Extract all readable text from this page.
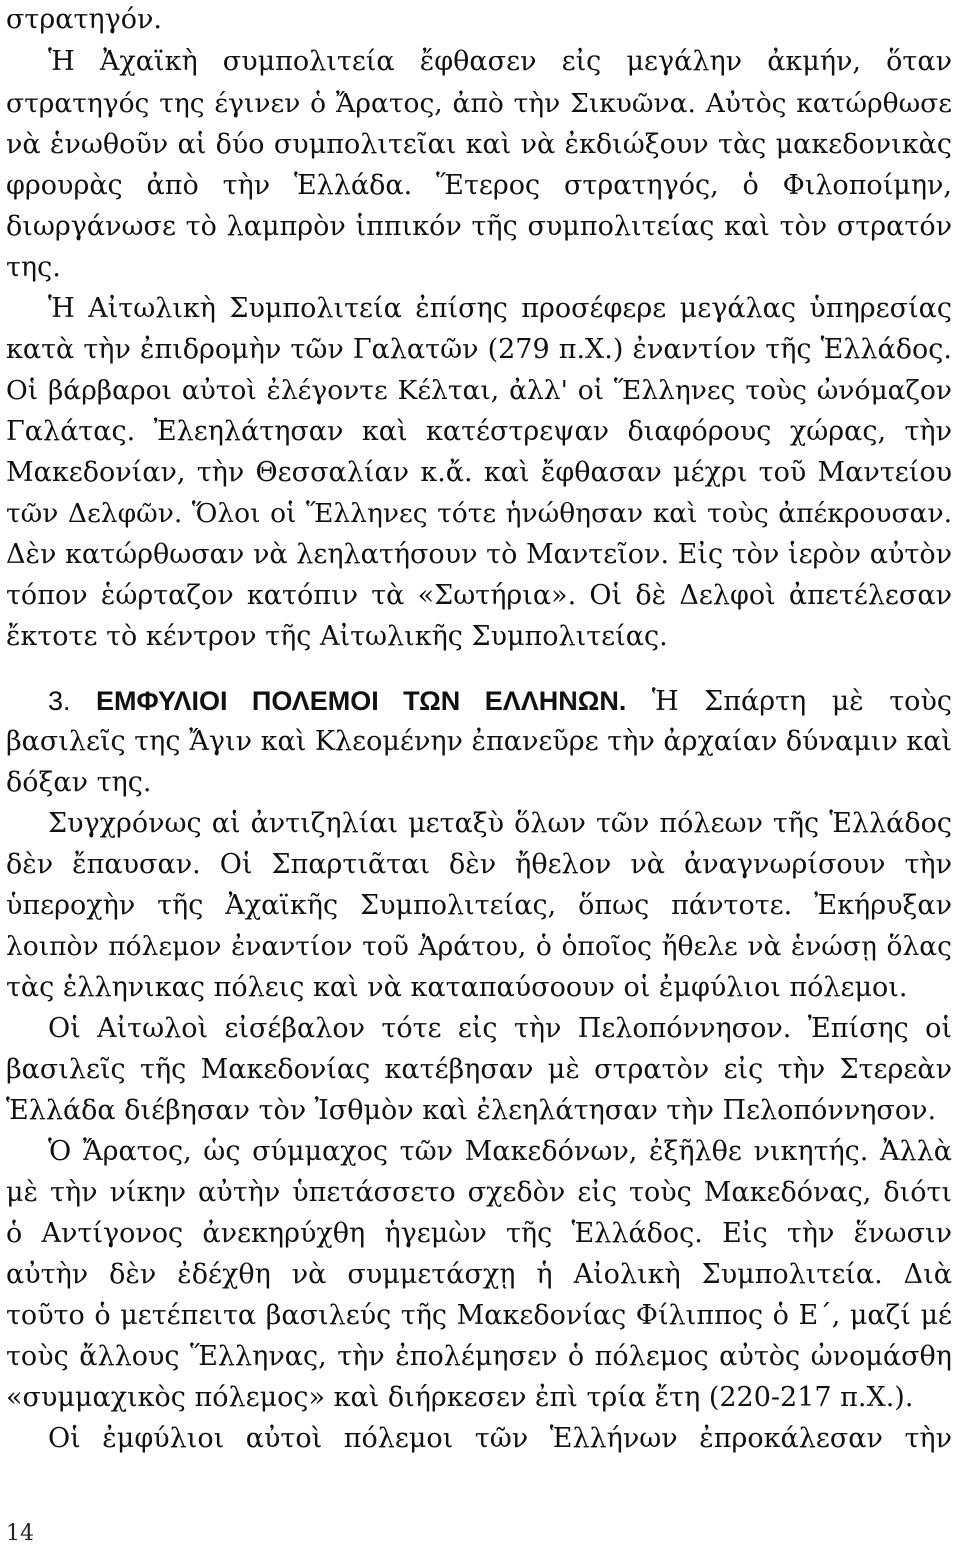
στρατηγόν.
Ἡ Ἀχαϊκὴ συμπολιτεία ἔφθασεν εἰς μεγάλην ἀκμήν, ὅταν
στρατηγός της έγινεν ὁ Ἄρατος, ἀπὸ τὴν Σικυῶνα. Αὐτὸς κατώρθωσε
νὰ ἑνωθοῦν αἱ δύο συμπολιτεῖαι καὶ νὰ ἐκδιώξουν τὰς μακεδονικὰς
φρουρὰς ἀπὸ τὴν Ἑλλάδα. Ἕτερος στρατηγός, ὁ Φιλοποίμην,
διωργάνωσε τὸ λαμπρὸν ἱππικόν τῆς συμπολιτείας καὶ τὸν στρατόν
της.
Ἡ Αἰτωλικὴ Συμπολιτεία ἐπίσης προσέφερε μεγάλας ὑπηρεσίας
κατὰ τὴν ἐπιδρομὴν τῶν Γαλατῶν (279 π.Χ.) ἐναντίον τῆς Ἑλλάδος.
Οἱ βάρβαροι αὐτοὶ ἐλέγοντε Κέλται, ἀλλ' οἱ Ἕλληνες τοὺς ὠνόμαζον
Γαλάτας. Ἐλεηλάτησαν καὶ κατέστρεψαν διαφόρους χώρας, τὴν
Μακεδονίαν, τὴν Θεσσαλίαν κ.ἄ. καὶ ἔφθασαν μέχρι τοῦ Μαντείου
τῶν Δελφῶν. Ὅλοι οἱ Ἕλληνες τότε ἡνώθησαν καὶ τοὺς ἀπέκρουσαν.
Δὲν κατώρθωσαν νὰ λεηλατήσουν τὸ Μαντεῖον. Εἰς τὸν ἱερὸν αὐτὸν
τόπον ἑώρταζον κατόπιν τὰ «Σωτήρια». Οἱ δὲ Δελφοὶ ἀπετέλεσαν
ἔκτοτε τὸ κέντρον τῆς Αἰτωλικῆς Συμπολιτείας.
3. ΕΜΦΥΛΙΟΙ ΠΟΛΕΜΟΙ ΤΩΝ ΕΛΛΗΝΩΝ. Ἡ Σπάρτη μὲ τοὺς
βασιλεῖς της Ἄγιν καὶ Κλεομένην ἐπανεῦρε τὴν ἀρχαίαν δύναμιν καὶ
δόξαν της.
Συγχρόνως αἱ ἀντιζηλίαι μεταξὺ ὅλων τῶν πόλεων τῆς Ἑλλάδος
δὲν ἔπαυσαν. Οἱ Σπαρτιᾶται δὲν ἤθελον νὰ ἀναγνωρίσουν τὴν
ὑπεροχὴν τῆς Ἀχαϊκῆς Συμπολιτείας, ὅπως πάντοτε. Ἐκήρυξαν
λοιπὸν πόλεμον ἐναντίον τοῦ Ἀράτου, ὁ ὁποῖος ἤθελε νὰ ἑνώσῃ ὅλας
τὰς ἑλληνικας πόλεις καὶ νὰ καταπαύσοουν οἱ ἐμφύλιοι πόλεμοι.
Οἱ Αἰτωλοὶ εἰσέβαλον τότε εἰς τὴν Πελοπόννησον. Ἐπίσης οἱ
βασιλεῖς τῆς Μακεδονίας κατέβησαν μὲ στρατὸν εἰς τὴν Στερεὰν
Ἑλλάδα διέβησαν τὸν Ἰσθμὸν καὶ ἐλεηλάτησαν τὴν Πελοπόννησον.
Ὁ Ἄρατος, ὡς σύμμαχος τῶν Μακεδόνων, ἐξῆλθε νικητής. Ἀλλὰ
μὲ τὴν νίκην αὐτὴν ὑπετάσσετο σχεδὸν εἰς τοὺς Μακεδόνας, διότι
ὁ Αντίγονος ἀνεκηρύχθη ἡγεμὼν τῆς Ἑλλάδος. Εἰς τὴν ἕνωσιν
αὐτὴν δὲν ἐδέχθη νὰ συμμετάσχῃ ἡ Αἰολικὴ Συμπολιτεία. Διὰ
τοῦτο ὁ μετέπειτα βασιλεύς τῆς Μακεδονίας Φίλιππος ὁ Ε΄, μαζί μέ
τοὺς ἄλλους Ἕλληνας, τὴν ἐπολέμησεν ὁ πόλεμος αὐτὸς ὠνομάσθη
«συμμαχικὸς πόλεμος» καὶ διήρκεσεν ἐπὶ τρία ἔτη (220-217 π.Χ.).
Οἱ ἐμφύλιοι αὐτοὶ πόλεμοι τῶν Ἑλλήνων ἐπροκάλεσαν τὴν
14
